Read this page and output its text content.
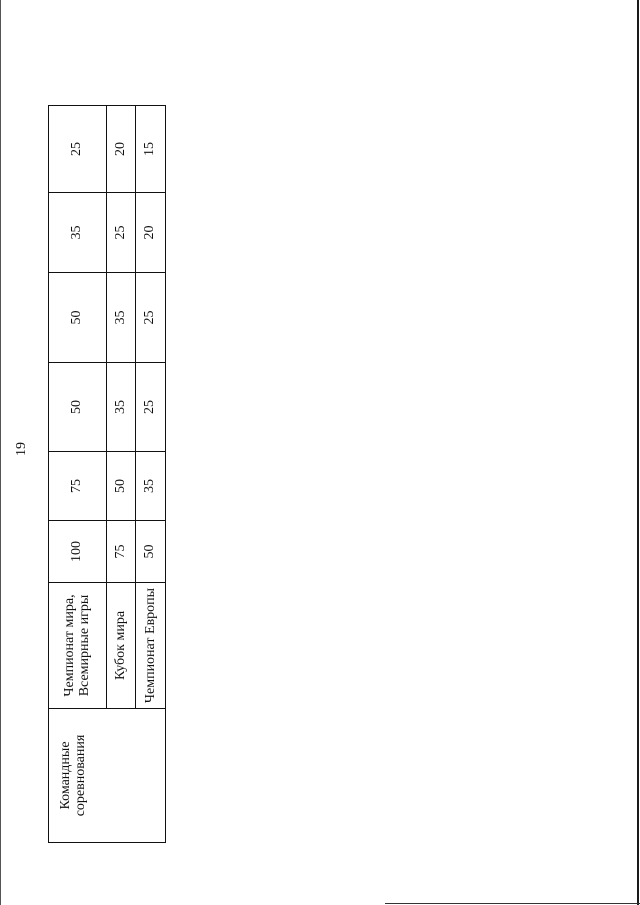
19
Командные соревнования	Чемпионат мира, Всемирные игры	100	75	50	50	35	25
	Кубок мира	75	50	35	35	25	20
	Чемпионат Европы	50	35	25	25	20	15
